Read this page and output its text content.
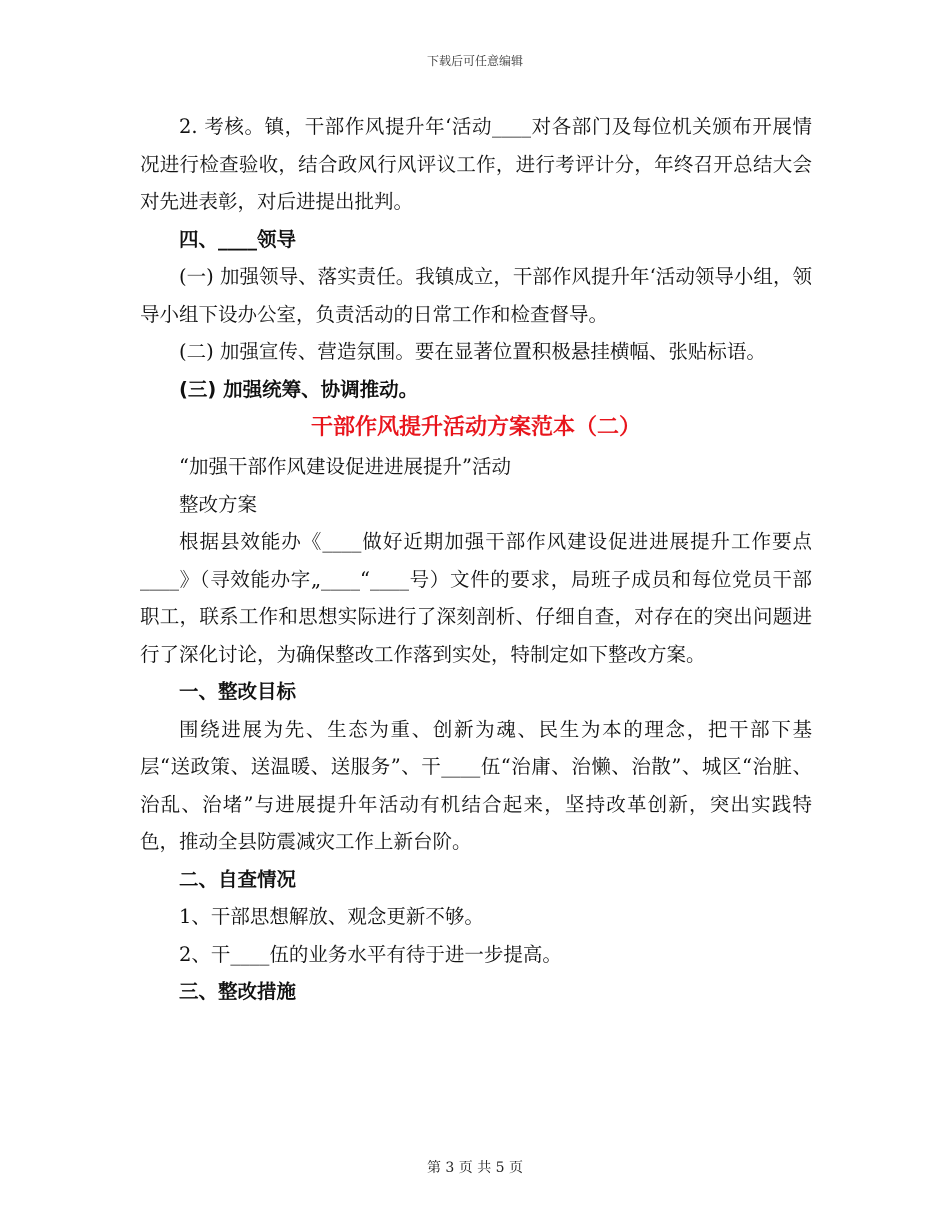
下载后可任意编辑

2. 考核。镇，干部作风提升年‘活动____对各部门及每位机关颁布开展情况进行检查验收，结合政风行风评议工作，进行考评计分，年终召开总结大会对先进表彰，对后进提出批判。

四、____领导

(一) 加强领导、落实责任。我镇成立，干部作风提升年‘活动领导小组，领导小组下设办公室，负责活动的日常工作和检查督导。

(二) 加强宣传、营造氛围。要在显著位置积极悬挂横幅、张贴标语。

(三) 加强统筹、协调推动。

干部作风提升活动方案范本（二）

“加强干部作风建设促进进展提升”活动

整改方案

根据县效能办《____做好近期加强干部作风建设促进进展提升工作要点____》（寻效能办字„____“____号）文件的要求，局班子成员和每位党员干部职工，联系工作和思想实际进行了深刻剖析、仔细自查，对存在的突出问题进行了深化讨论，为确保整改工作落到实处，特制定如下整改方案。

一、整改目标

围绕进展为先、生态为重、创新为魂、民生为本的理念，把干部下基层“送政策、送温暖、送服务”、干____伍“治庸、治懒、治散”、城区“治脏、治乱、治堵”与进展提升年活动有机结合起来，坚持改革创新，突出实践特色，推动全县防震减灾工作上新台阶。

二、自查情况

1、干部思想解放、观念更新不够。

2、干____伍的业务水平有待于进一步提高。

三、整改措施

第 3 页 共 5 页
